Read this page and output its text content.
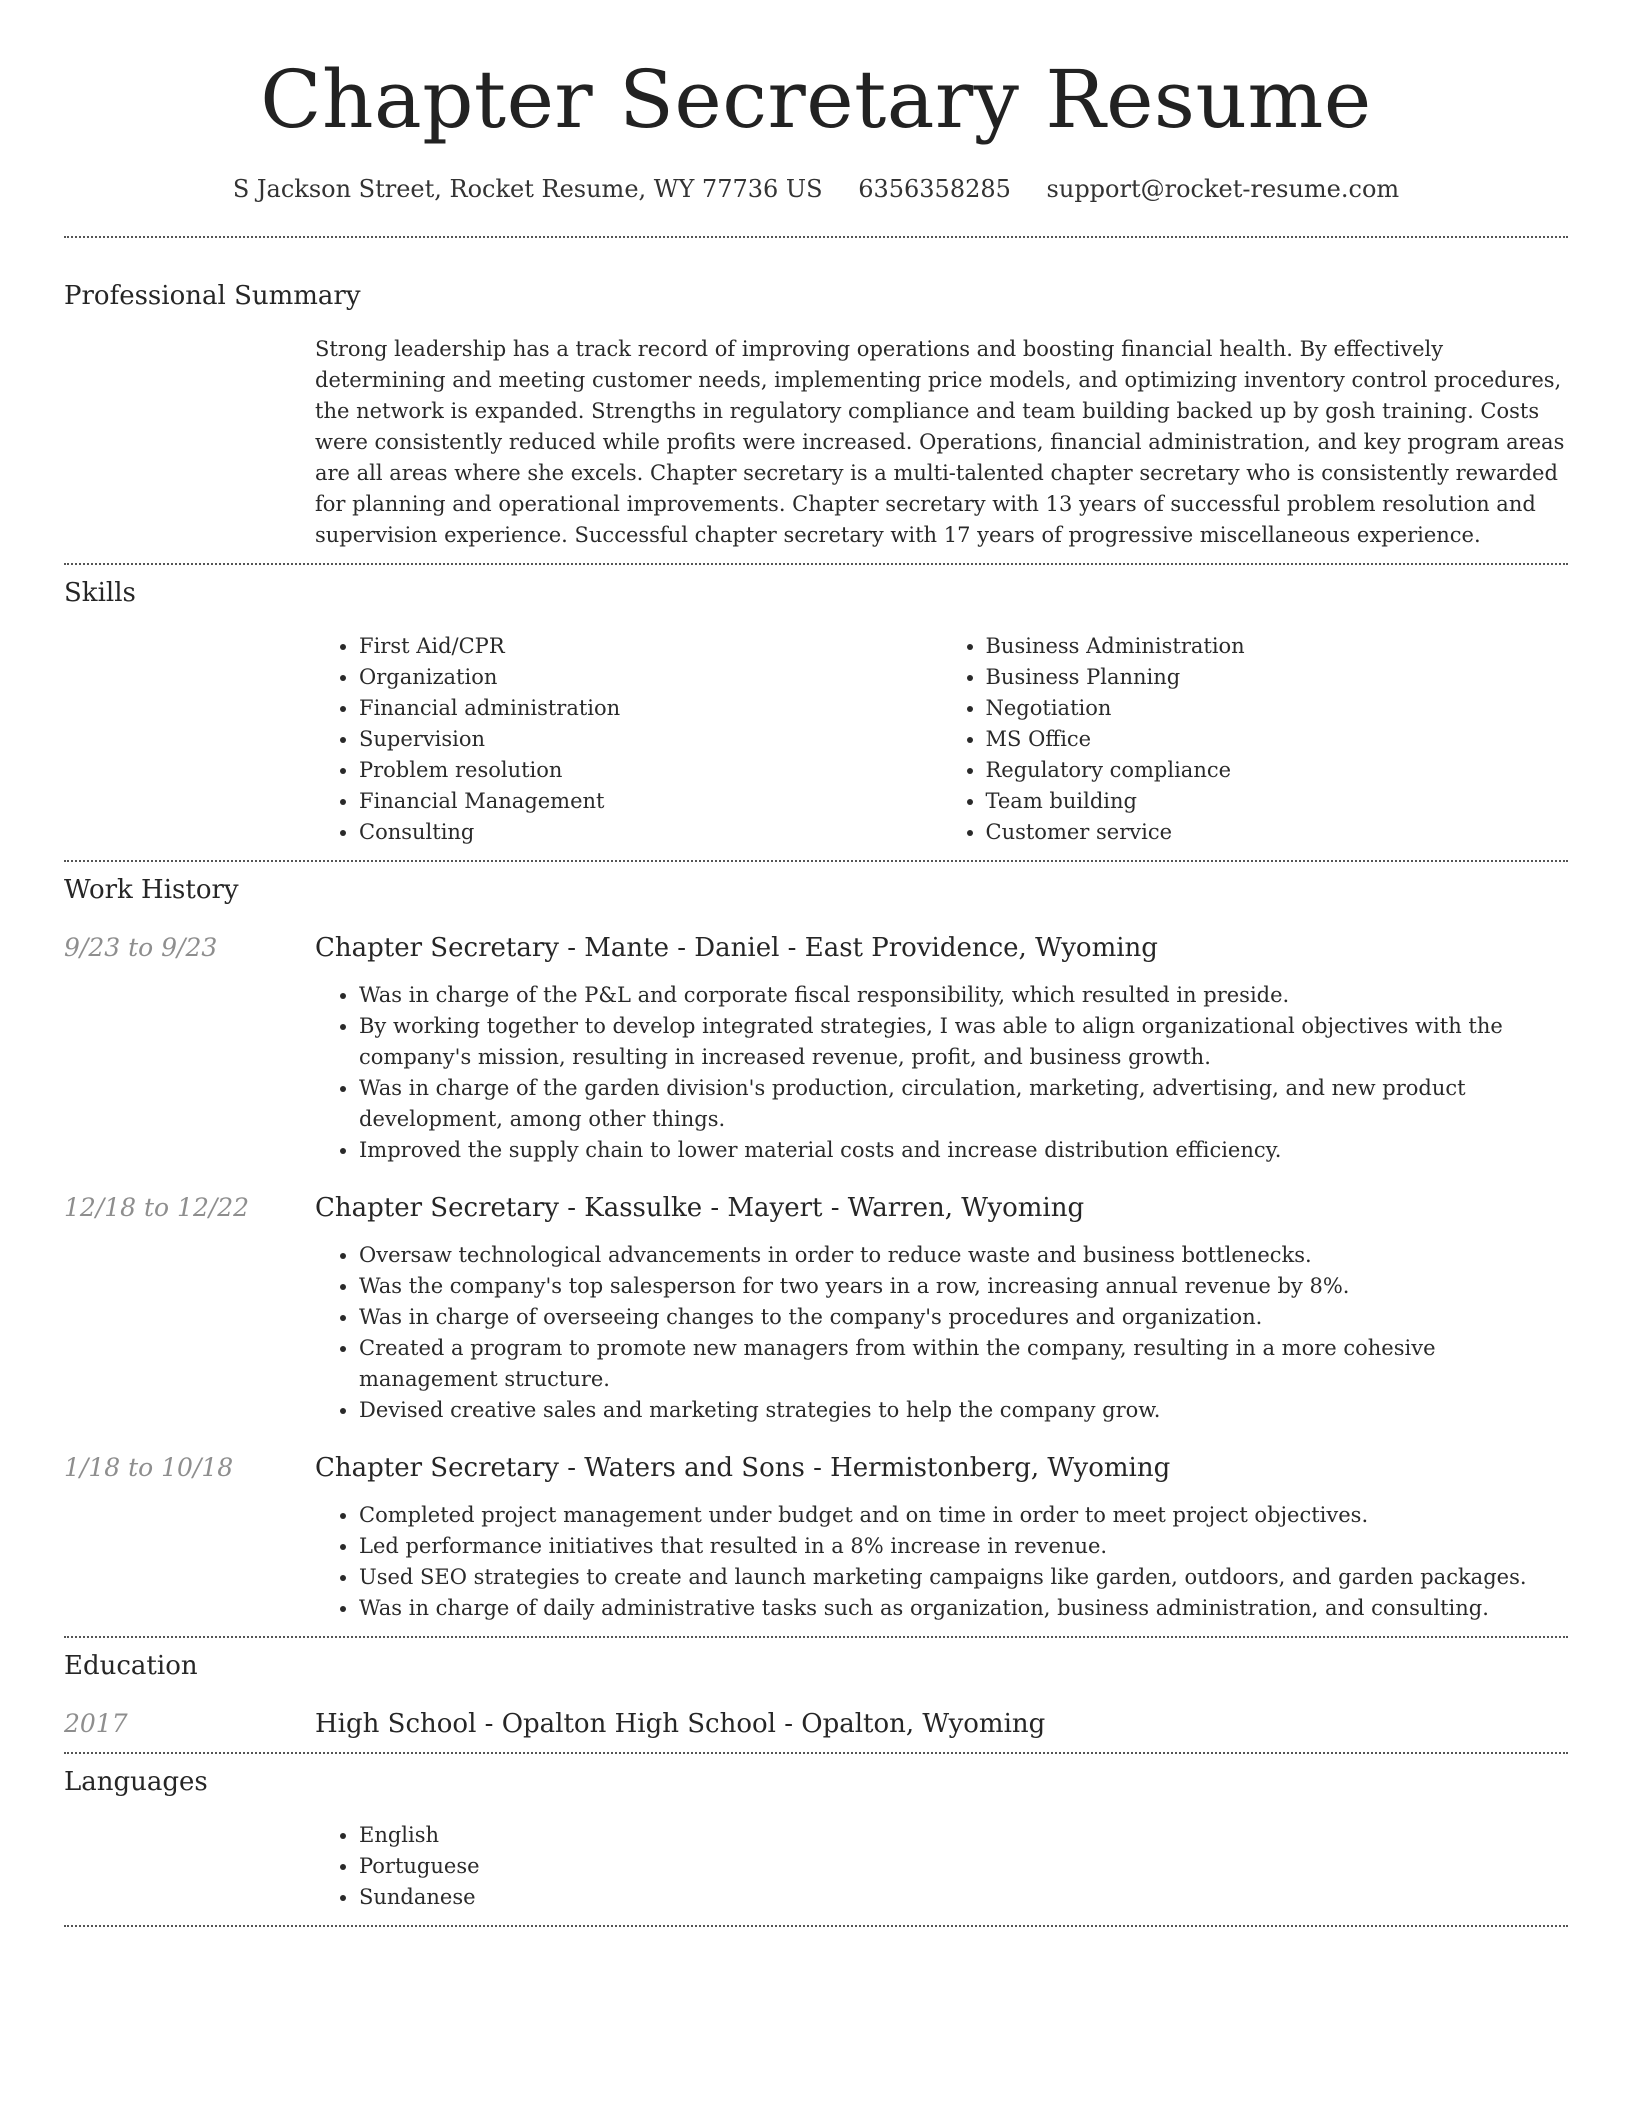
Chapter Secretary Resume
S Jackson Street, Rocket Resume, WY 77736 US 6356358285 support@rocket-resume.com
Professional Summary
Strong leadership has a track record of improving operations and boosting financial health. By effectively determining and meeting customer needs, implementing price models, and optimizing inventory control procedures, the network is expanded. Strengths in regulatory compliance and team building backed up by gosh training. Costs were consistently reduced while profits were increased. Operations, financial administration, and key program areas are all areas where she excels. Chapter secretary is a multi-talented chapter secretary who is consistently rewarded for planning and operational improvements. Chapter secretary with 13 years of successful problem resolution and supervision experience. Successful chapter secretary with 17 years of progressive miscellaneous experience.
Skills
• First Aid/CPR
• Organization
• Financial administration
• Supervision
• Problem resolution
• Financial Management
• Consulting
• Business Administration
• Business Planning
• Negotiation
• MS Office
• Regulatory compliance
• Team building
• Customer service
Work History
9/23 to 9/23	Chapter Secretary - Mante - Daniel - East Providence, Wyoming
• Was in charge of the P&L and corporate fiscal responsibility, which resulted in preside.
• By working together to develop integrated strategies, I was able to align organizational objectives with the company's mission, resulting in increased revenue, profit, and business growth.
• Was in charge of the garden division's production, circulation, marketing, advertising, and new product development, among other things.
• Improved the supply chain to lower material costs and increase distribution efficiency.
12/18 to 12/22	Chapter Secretary - Kassulke - Mayert - Warren, Wyoming
• Oversaw technological advancements in order to reduce waste and business bottlenecks.
• Was the company's top salesperson for two years in a row, increasing annual revenue by 8%.
• Was in charge of overseeing changes to the company's procedures and organization.
• Created a program to promote new managers from within the company, resulting in a more cohesive management structure.
• Devised creative sales and marketing strategies to help the company grow.
1/18 to 10/18	Chapter Secretary - Waters and Sons - Hermistonberg, Wyoming
• Completed project management under budget and on time in order to meet project objectives.
• Led performance initiatives that resulted in a 8% increase in revenue.
• Used SEO strategies to create and launch marketing campaigns like garden, outdoors, and garden packages.
• Was in charge of daily administrative tasks such as organization, business administration, and consulting.
Education
2017	High School - Opalton High School - Opalton, Wyoming
Languages
• English
• Portuguese
• Sundanese
